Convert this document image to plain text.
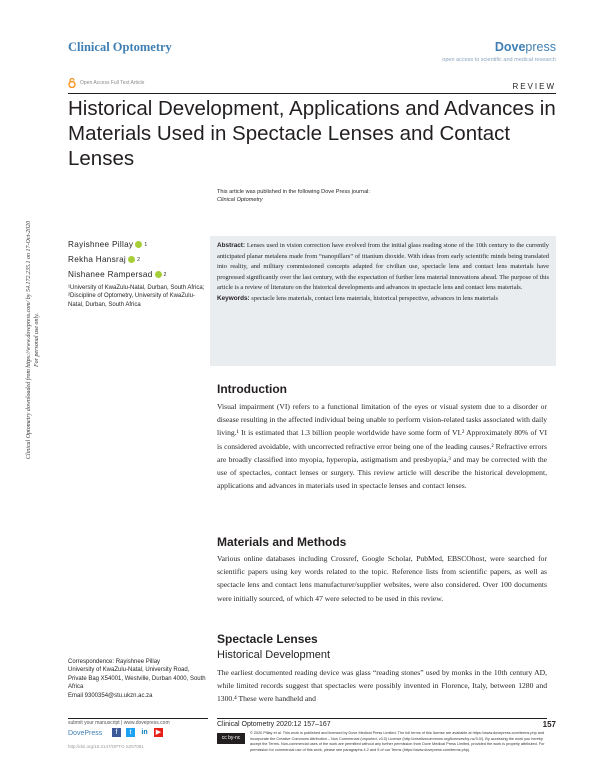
Clinical Optometry	Dovepress
open access to scientific and medical research
Open Access Full Text Article	REVIEW
Historical Development, Applications and Advances in Materials Used in Spectacle Lenses and Contact Lenses
This article was published in the following Dove Press journal:
Clinical Optometry
Clinical Optometry downloaded from https://www.dovepress.com/ by 54.172.235.1 on 17-Oct-2020 For personal use only.
Rayishnee Pillay 1
Rekha Hansraj 2
Nishanee Rampersad 2
¹University of KwaZulu-Natal, Durban, South Africa; ²Discipline of Optometry, University of KwaZulu-Natal, Durban, South Africa
Abstract: Lenses used in vision correction have evolved from the initial glass reading stone of the 10th century to the currently anticipated planar metalens made from “nanopillars” of titanium dioxide. With ideas from early scientific minds being translated into reality, and military commissioned concepts adapted for civilian use, spectacle lens and contact lens materials have progressed significantly over the last century, with the expectation of further lens material innovations ahead. The purpose of this article is a review of literature on the historical developments and advances in spectacle lens and contact lens materials.
Keywords: spectacle lens materials, contact lens materials, historical perspective, advances in lens materials
Introduction
Visual impairment (VI) refers to a functional limitation of the eyes or visual system due to a disorder or disease resulting in the affected individual being unable to perform vision-related tasks associated with daily living.¹ It is estimated that 1.3 billion people worldwide have some form of VI.² Approximately 80% of VI is considered avoidable, with uncorrected refractive error being one of the leading causes.² Refractive errors are broadly classified into myopia, hyperopia, astigmatism and presbyopia,³ and may be corrected with the use of spectacles, contact lenses or surgery. This review article will describe the historical development, applications and advances in materials used in spectacle lenses and contact lenses.
Materials and Methods
Various online databases including Crossref, Google Scholar, PubMed, EBSCOhost, were searched for scientific papers using key words related to the topic. Reference lists from scientific papers, as well as spectacle lens and contact lens manufacturer/supplier websites, were also considered. Over 100 documents were initially sourced, of which 47 were selected to be used in this review.
Spectacle Lenses
Historical Development
The earliest documented reading device was glass “reading stones” used by monks in the 10th century AD, while limited records suggest that spectacles were possibly invented in Florence, Italy, between 1280 and 1300.⁴ These were handheld and
Correspondence: Rayishnee Pillay
University of KwaZulu-Natal, University Road, Private Bag X54001, Westville, Durban 4000, South Africa
Email 9300354@stu.ukzn.ac.za
submit your manuscript | www.dovepress.com
DovePress	f	t	in ▶
http://doi.org/10.2147/OPTO.S257081
Clinical Optometry 2020:12 157–167	157
cc by-nc
© 2020 Pillay et al. This work is published and licensed by Dove Medical Press Limited. The full terms of this license are available at https://www.dovepress.com/terms.php and incorporate the Creative Commons Attribution – Non Commercial (unported, v3.0) License (http://creativecommons.org/licenses/by-nc/3.0/). By accessing the work you hereby accept the Terms. Non-commercial uses of the work are permitted without any further permission from Dove Medical Press Limited, provided the work is properly attributed. For permission for commercial use of this work, please see paragraphs 4.2 and 5 of our Terms (https://www.dovepress.com/terms.php).
